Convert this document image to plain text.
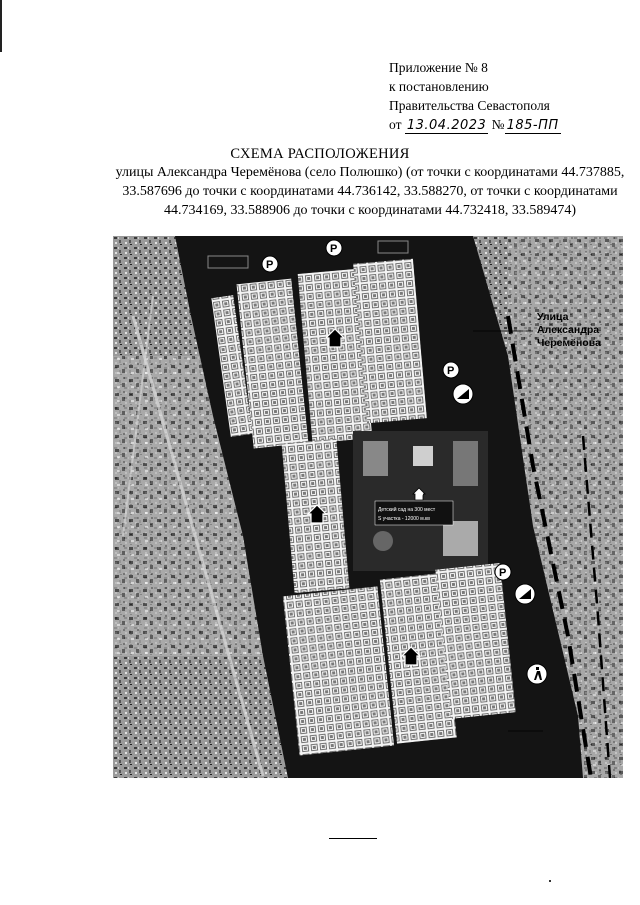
Приложение № 8
к постановлению
Правительства Севастополя
от 13.04.2023 № 185-ПП
СХЕМА РАСПОЛОЖЕНИЯ
улицы Александра Черемёнова (село Полюшко) (от точки с координатами 44.737885, 33.587696 до точки с координатами 44.736142, 33.588270, от точки с координатами 44.734169, 33.588906 до точки с координатами 44.732418, 33.589474)
Детский сад на 300 мест
S участка - 12000 м.кв
P
P
P
P
Улица
Александра
Черемёнова
